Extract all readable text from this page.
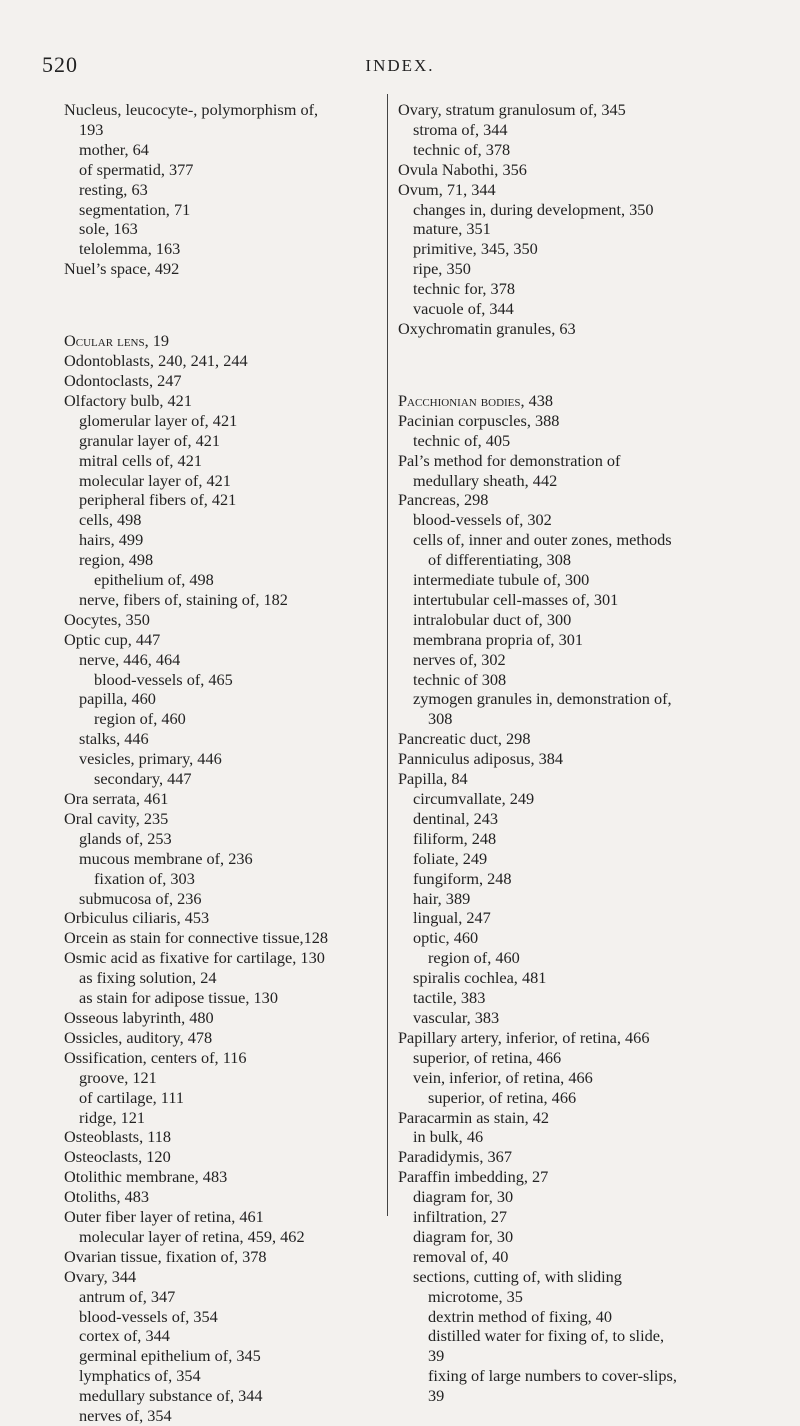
520	INDEX.
Nucleus, leucocyte-, polymorphism of,
193
mother, 64
of spermatid, 377
resting, 63
segmentation, 71
sole, 163
telolemma, 163
Nuel’s space, 492
Ocular lens, 19
Odontoblasts, 240, 241, 244
Odontoclasts, 247
Olfactory bulb, 421
glomerular layer of, 421
granular layer of, 421
mitral cells of, 421
molecular layer of, 421
peripheral fibers of, 421
cells, 498
hairs, 499
region, 498
epithelium of, 498
nerve, fibers of, staining of, 182
Oocytes, 350
Optic cup, 447
nerve, 446, 464
blood-vessels of, 465
papilla, 460
region of, 460
stalks, 446
vesicles, primary, 446
secondary, 447
Ora serrata, 461
Oral cavity, 235
glands of, 253
mucous membrane of, 236
fixation of, 303
submucosa of, 236
Orbiculus ciliaris, 453
Orcein as stain for connective tissue,128
Osmic acid as fixative for cartilage, 130
as fixing solution, 24
as stain for adipose tissue, 130
Osseous labyrinth, 480
Ossicles, auditory, 478
Ossification, centers of, 116
groove, 121
of cartilage, 111
ridge, 121
Osteoblasts, 118
Osteoclasts, 120
Otolithic membrane, 483
Otoliths, 483
Outer fiber layer of retina, 461
molecular layer of retina, 459, 462
Ovarian tissue, fixation of, 378
Ovary, 344
antrum of, 347
blood-vessels of, 354
cortex of, 344
germinal epithelium of, 345
lymphatics of, 354
medullary substance of, 344
nerves of, 354
Ovary, stratum granulosum of, 345
stroma of, 344
technic of, 378
Ovula Nabothi, 356
Ovum, 71, 344
changes in, during development, 350
mature, 351
primitive, 345, 350
ripe, 350
technic for, 378
vacuole of, 344
Oxychromatin granules, 63
Pacchionian bodies, 438
Pacinian corpuscles, 388
technic of, 405
Pal’s method for demonstration of
medullary sheath, 442
Pancreas, 298
blood-vessels of, 302
cells of, inner and outer zones, methods
of differentiating, 308
intermediate tubule of, 300
intertubular cell-masses of, 301
intralobular duct of, 300
membrana propria of, 301
nerves of, 302
technic of 308
zymogen granules in, demonstration of,
308
Pancreatic duct, 298
Panniculus adiposus, 384
Papilla, 84
circumvallate, 249
dentinal, 243
filiform, 248
foliate, 249
fungiform, 248
hair, 389
lingual, 247
optic, 460
region of, 460
spiralis cochlea, 481
tactile, 383
vascular, 383
Papillary artery, inferior, of retina, 466
superior, of retina, 466
vein, inferior, of retina, 466
superior, of retina, 466
Paracarmin as stain, 42
in bulk, 46
Paradidymis, 367
Paraffin imbedding, 27
diagram for, 30
infiltration, 27
diagram for, 30
removal of, 40
sections, cutting of, with sliding
microtome, 35
dextrin method of fixing, 40
distilled water for fixing of, to slide,
39
fixing of large numbers to cover-slips,
39
